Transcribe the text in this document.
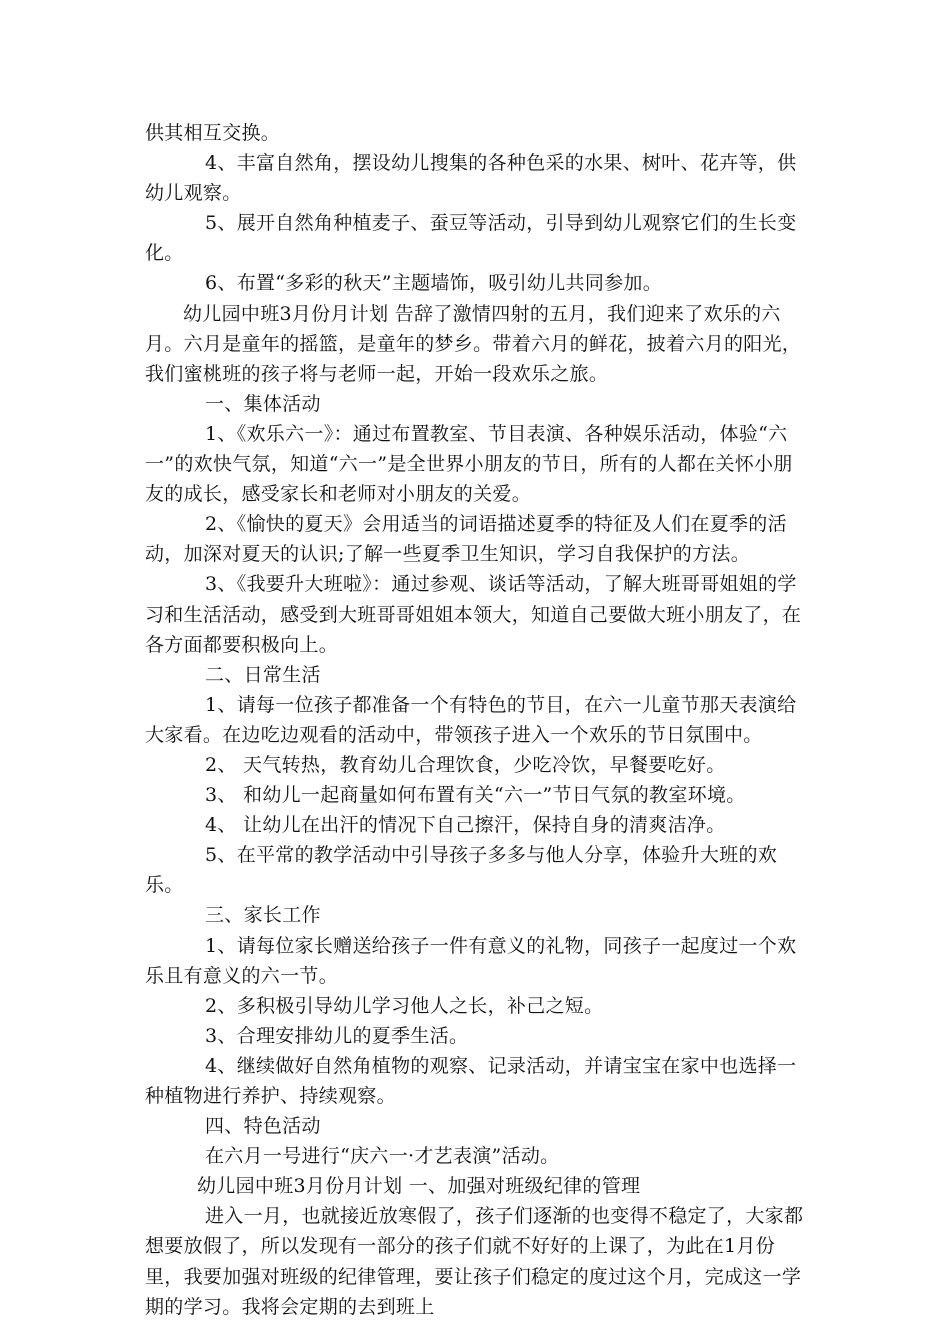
供其相互交换。

4、丰富自然角，摆设幼儿搜集的各种色采的水果、树叶、花卉等，供幼儿观察。

5、展开自然角种植麦子、蚕豆等活动，引导到幼儿观察它们的生长变化。

6、布置“多彩的秋天”主题墙饰，吸引幼儿共同参加。

幼儿园中班3月份月计划 告辞了激情四射的五月，我们迎来了欢乐的六月。六月是童年的摇篮，是童年的梦乡。带着六月的鲜花，披着六月的阳光，我们蜜桃班的孩子将与老师一起，开始一段欢乐之旅。

一、集体活动

1、《欢乐六一》：通过布置教室、节目表演、各种娱乐活动，体验“六一”的欢快气氛，知道“六一”是全世界小朋友的节日，所有的人都在关怀小朋友的成长，感受家长和老师对小朋友的关爱。

2、《愉快的夏天》会用适当的词语描述夏季的特征及人们在夏季的活动，加深对夏天的认识;了解一些夏季卫生知识，学习自我保护的方法。

3、《我要升大班啦》：通过参观、谈话等活动，了解大班哥哥姐姐的学习和生活活动，感受到大班哥哥姐姐本领大，知道自己要做大班小朋友了，在各方面都要积极向上。

二、日常生活

1、请每一位孩子都准备一个有特色的节目，在六一儿童节那天表演给大家看。在边吃边观看的活动中，带领孩子进入一个欢乐的节日氛围中。

2、 天气转热，教育幼儿合理饮食，少吃冷饮，早餐要吃好。

3、 和幼儿一起商量如何布置有关“六一”节日气氛的教室环境。

4、 让幼儿在出汗的情况下自己擦汗，保持自身的清爽洁净。

5、在平常的教学活动中引导孩子多多与他人分享，体验升大班的欢乐。

三、家长工作

1、请每位家长赠送给孩子一件有意义的礼物，同孩子一起度过一个欢乐且有意义的六一节。

2、多积极引导幼儿学习他人之长，补己之短。

3、合理安排幼儿的夏季生活。

4、继续做好自然角植物的观察、记录活动，并请宝宝在家中也选择一种植物进行养护、持续观察。

四、特色活动

在六月一号进行“庆六一·才艺表演”活动。

幼儿园中班3月份月计划 一、加强对班级纪律的管理

进入一月，也就接近放寒假了，孩子们逐渐的也变得不稳定了，大家都想要放假了，所以发现有一部分的孩子们就不好好的上课了，为此在1月份里，我要加强对班级的纪律管理，要让孩子们稳定的度过这个月，完成这一学期的学习。我将会定期的去到班上
